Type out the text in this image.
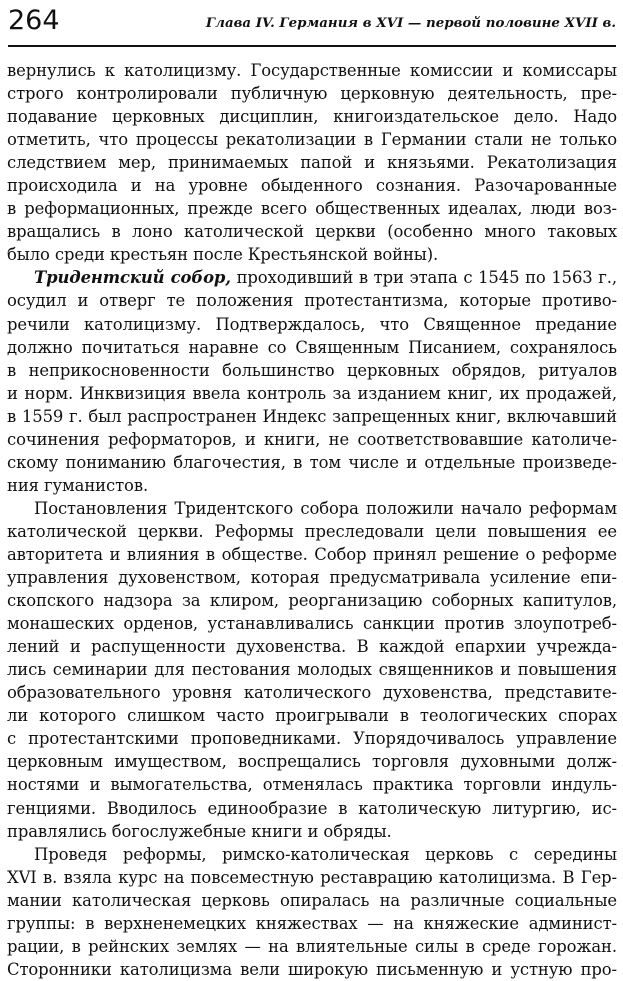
264	Глава IV. Германия в XVI — первой половине XVII в.
вернулись к католицизму. Государственные комиссии и комиссары
строго контролировали публичную церковную деятельность, пре-
подавание церковных дисциплин, книгоиздательское дело. Надо
отметить, что процессы рекатолизации в Германии стали не только
следствием мер, принимаемых папой и князьями. Рекатолизация
происходила и на уровне обыденного сознания. Разочарованные
в реформационных, прежде всего общественных идеалах, люди воз-
вращались в лоно католической церкви (особенно много таковых
было среди крестьян после Крестьянской войны).
Тридентский собор, проходивший в три этапа с 1545 по 1563 г.,
осудил и отверг те положения протестантизма, которые противо-
речили католицизму. Подтверждалось, что Священное предание
должно почитаться наравне со Священным Писанием, сохранялось
в неприкосновенности большинство церковных обрядов, ритуалов
и норм. Инквизиция ввела контроль за изданием книг, их продажей,
в 1559 г. был распространен Индекс запрещенных книг, включавший
сочинения реформаторов, и книги, не соответствовавшие католиче-
скому пониманию благочестия, в том числе и отдельные произведе-
ния гуманистов.
Постановления Тридентского собора положили начало реформам
католической церкви. Реформы преследовали цели повышения ее
авторитета и влияния в обществе. Собор принял решение о реформе
управления духовенством, которая предусматривала усиление епи-
скопского надзора за клиром, реорганизацию соборных капитулов,
монашеских орденов, устанавливались санкции против злоупотреб-
лений и распущенности духовенства. В каждой епархии учрежда-
лись семинарии для пестования молодых священников и повышения
образовательного уровня католического духовенства, представите-
ли которого слишком часто проигрывали в теологических спорах
с протестантскими проповедниками. Упорядочивалось управление
церковным имуществом, воспрещались торговля духовными долж-
ностями и вымогательства, отменялась практика торговли индуль-
генциями. Вводилось единообразие в католическую литургию, ис-
правлялись богослужебные книги и обряды.
Проведя реформы, римско-католическая церковь с середины
XVI в. взяла курс на повсеместную реставрацию католицизма. В Гер-
мании католическая церковь опиралась на различные социальные
группы: в верхненемецких княжествах — на княжеские админист-
рации, в рейнских землях — на влиятельные силы в среде горожан.
Сторонники католицизма вели широкую письменную и устную про-
